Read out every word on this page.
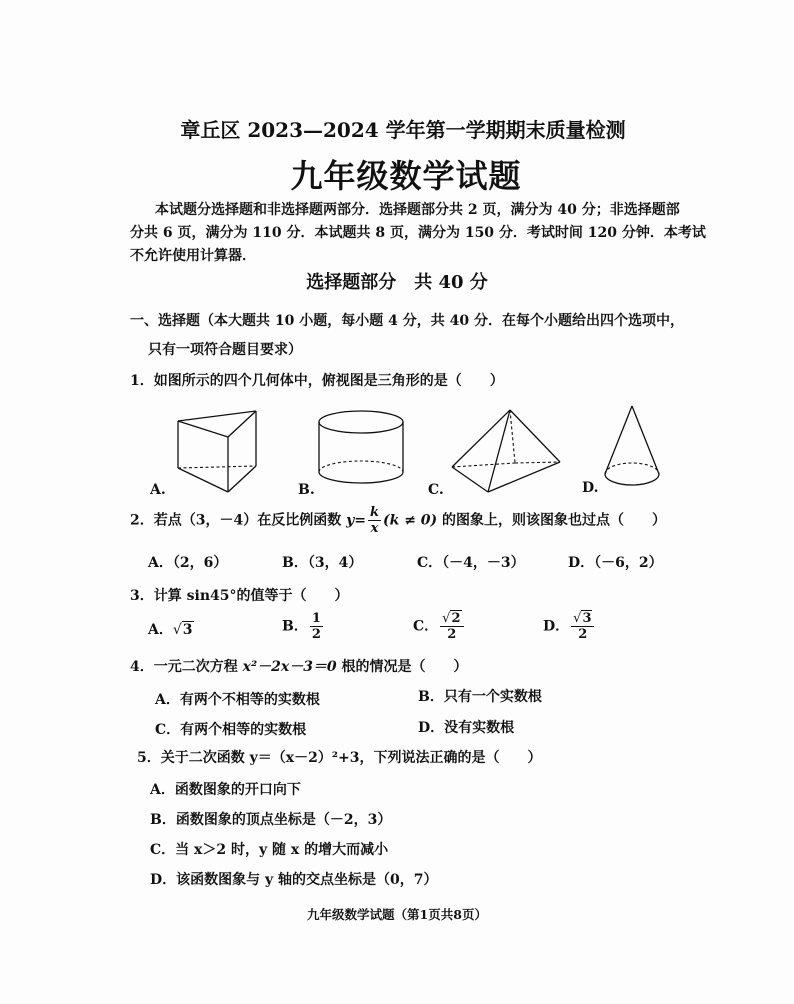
章丘区 2023—2024 学年第一学期期末质量检测
九年级数学试题
本试题分选择题和非选择题两部分．选择题部分共 2 页，满分为 40 分；非选择题部
分共 6 页，满分为 110 分．本试题共 8 页，满分为 150 分．考试时间 120 分钟．本考试
不允许使用计算器．
选择题部分　共 40 分
一、选择题（本大题共 10 小题，每小题 4 分，共 40 分．在每个小题给出四个选项中，
只有一项符合题目要求）
1．如图所示的四个几何体中，俯视图是三角形的是（　　）
A.	B.	C.	D.
2．若点（3，－4）在反比例函数 $y= \frac{k}{x} (k \ne 0)$ 的图象上，则该图象也过点（　　）
A．（2，6）	B．（3，4）	C．（－4，－3）	D．（－6，2）
3．计算 sin45°的值等于（　　）
A．√3	B． $\frac{1}{2}$	C． $\frac{√2}{2}$	D． $\frac{√3}{2}$
4．一元二次方程 x²－2x－3＝0 根的情况是（　　）
A．有两个不相等的实数根	B．只有一个实数根
C．有两个相等的实数根	D．没有实数根
5．关于二次函数 y＝（x－2）²+3，下列说法正确的是（　　）
A．函数图象的开口向下
B．函数图象的顶点坐标是（－2，3）
C．当 x＞2 时，y 随 x 的增大而减小
D．该函数图象与 y 轴的交点坐标是（0，7）
九年级数学试题（第1页共8页）
